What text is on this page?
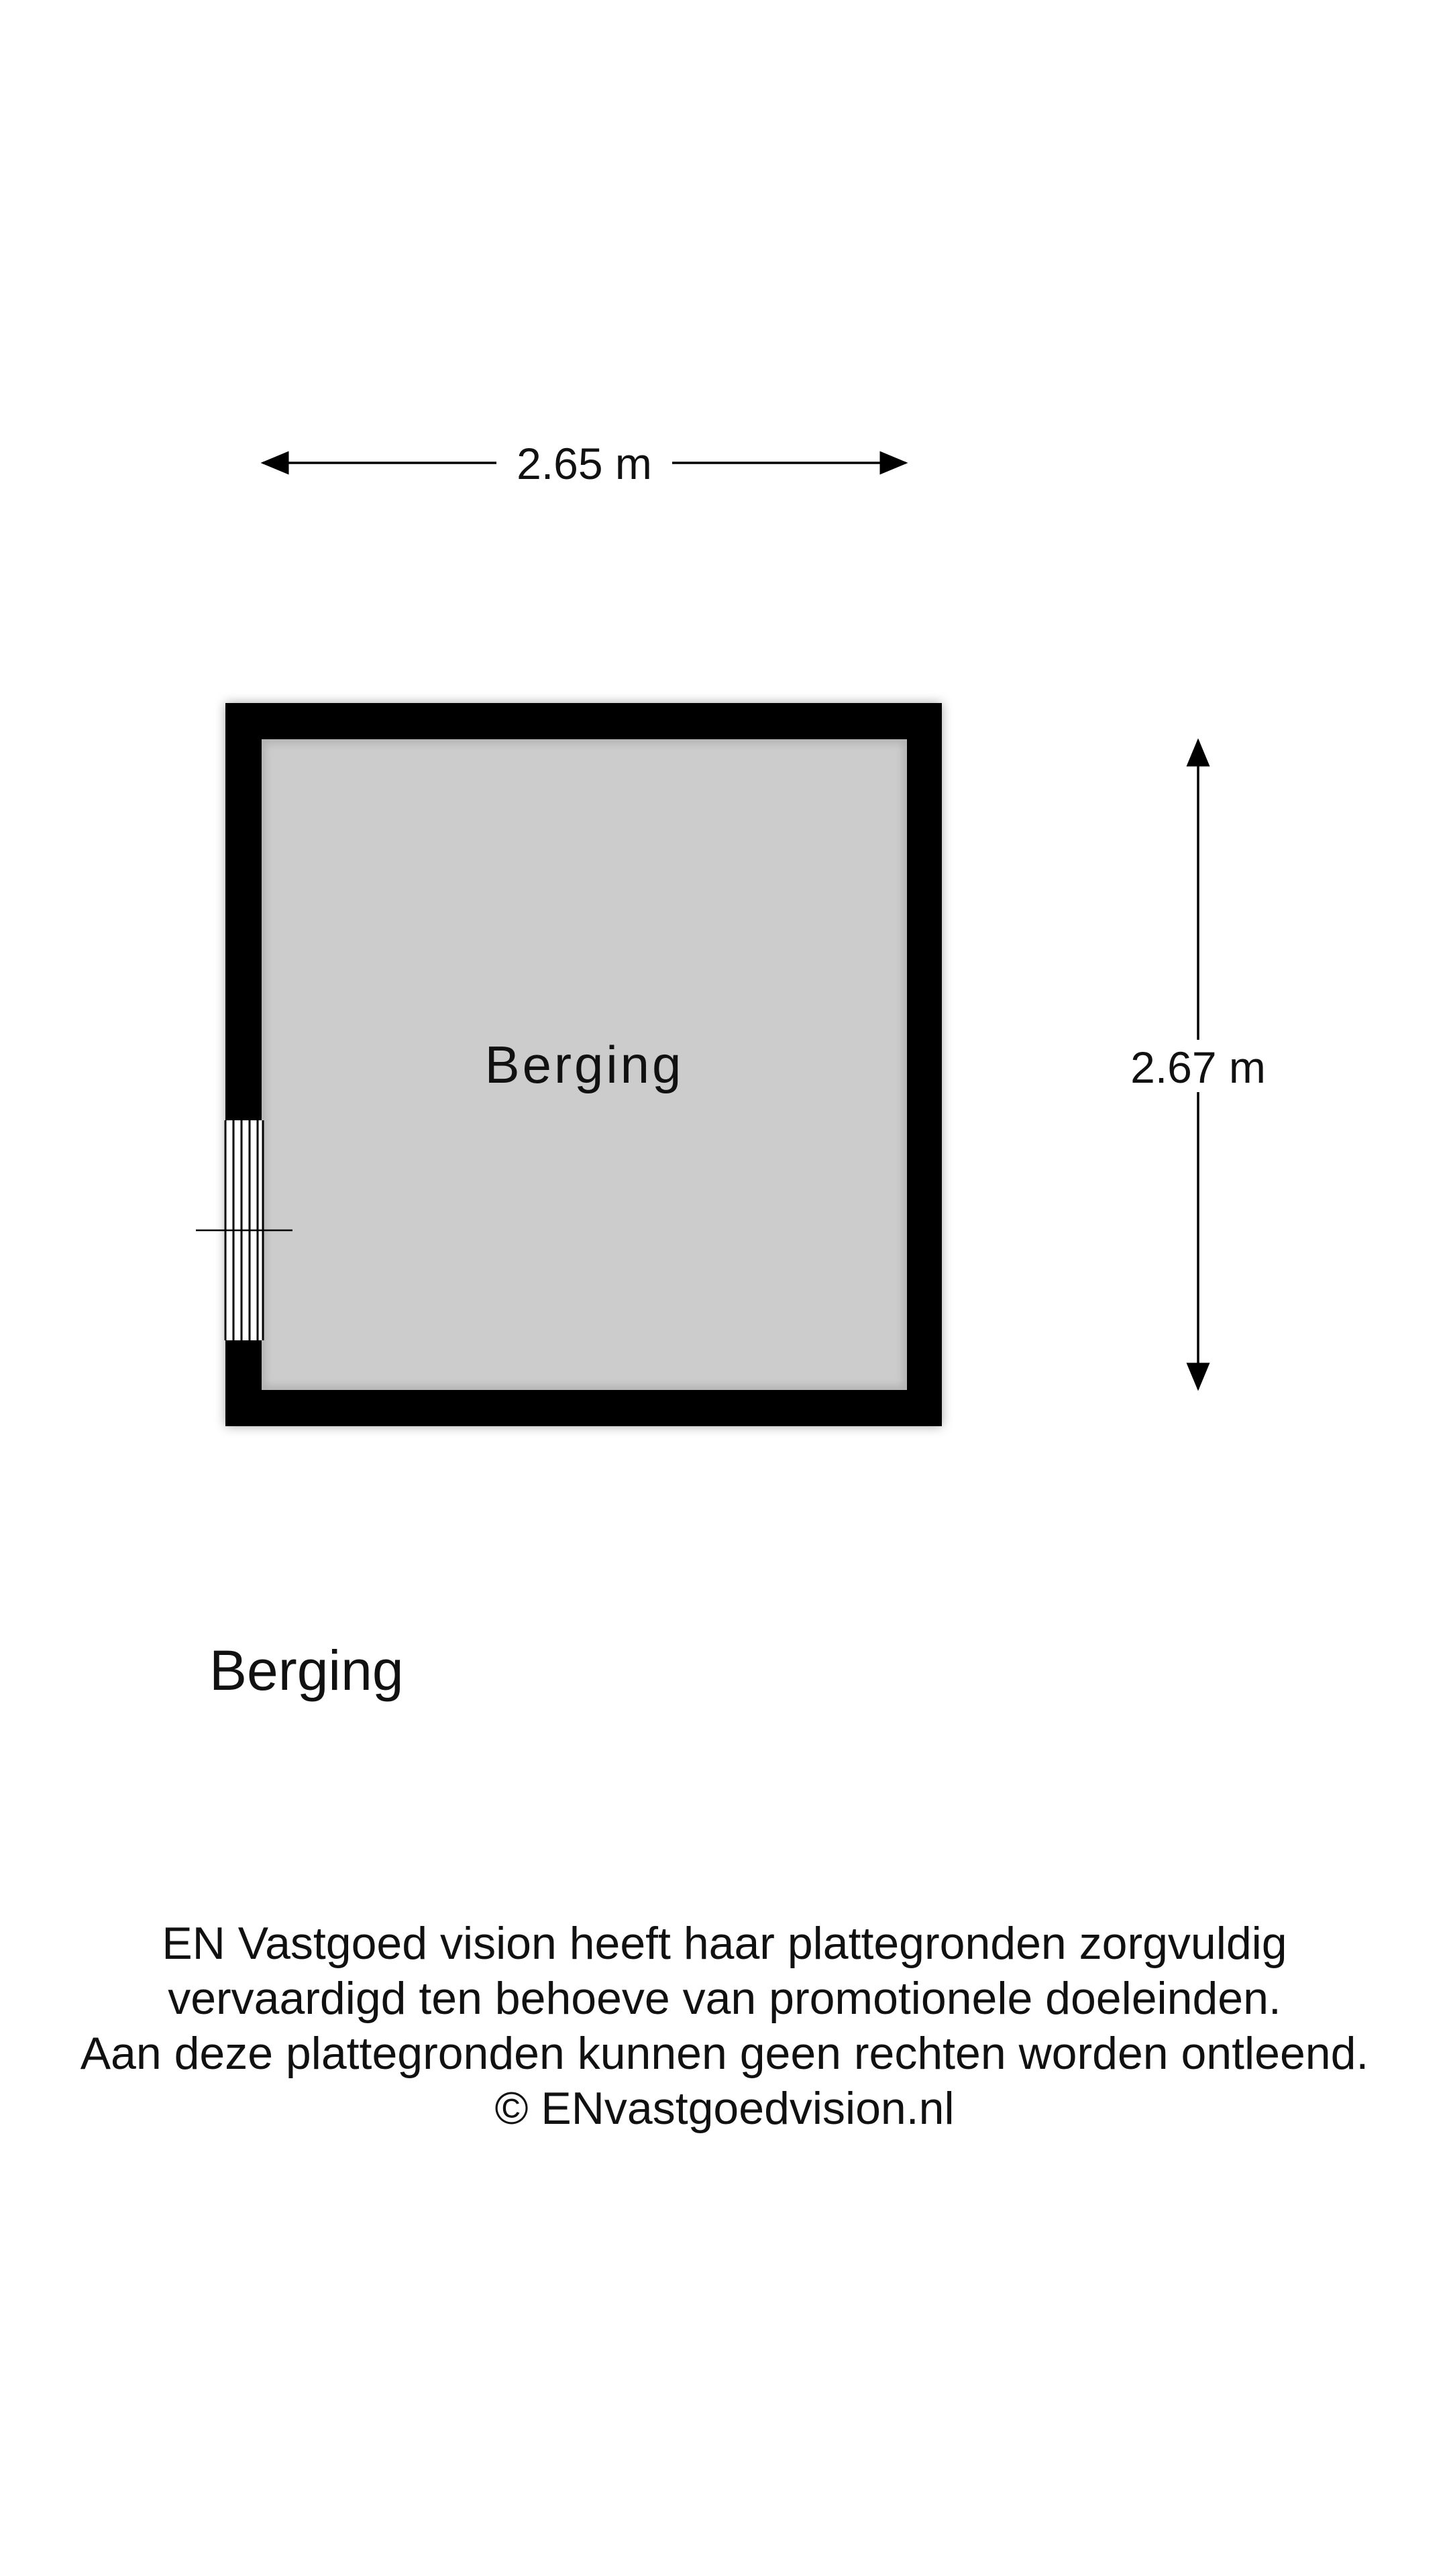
2.65 m
2.67 m
Berging
Berging
EN Vastgoed vision heeft haar plattegronden zorgvuldig
vervaardigd ten behoeve van promotionele doeleinden.
Aan deze plattegronden kunnen geen rechten worden ontleend.
© ENvastgoedvision.nl
